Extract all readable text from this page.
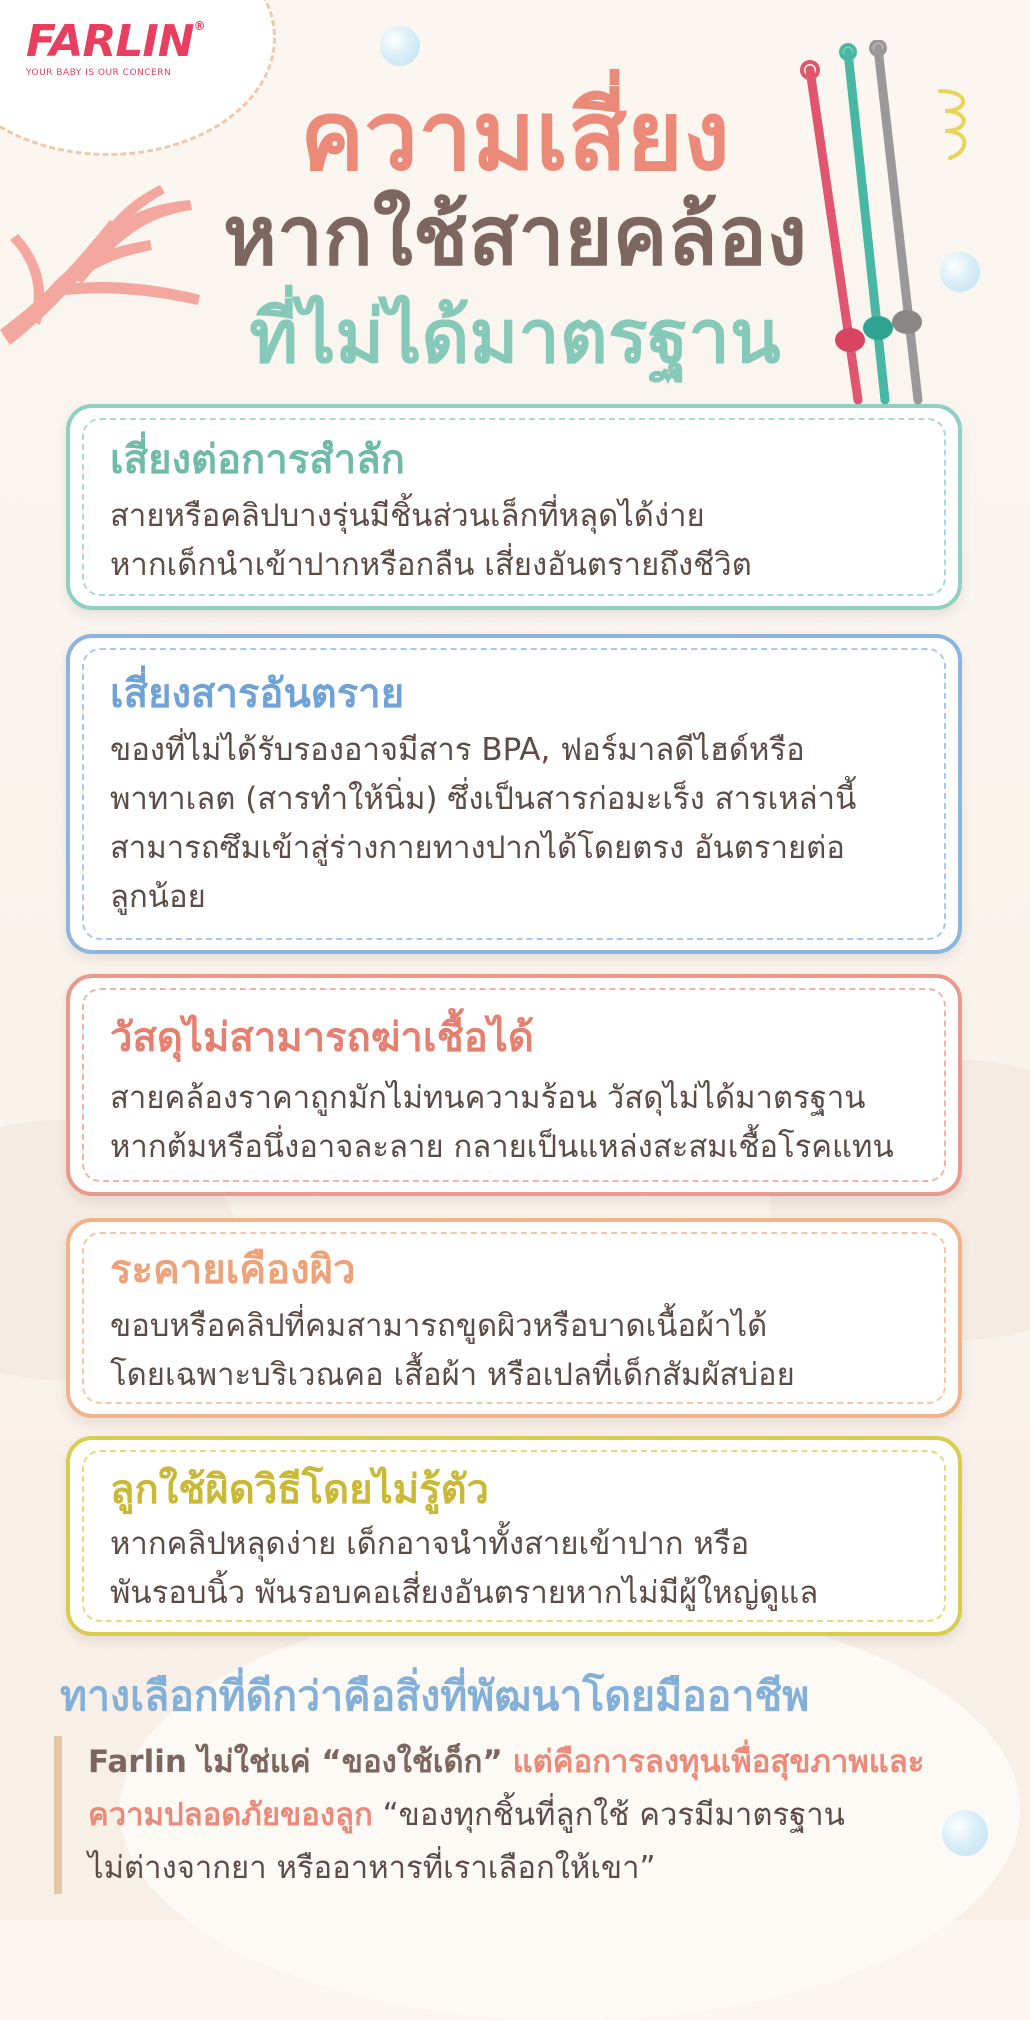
FARLIN®
YOUR BABY IS OUR CONCERN
ความเสี่ยง
หากใช้สายคล้อง
ที่ไม่ได้มาตรฐาน
เสี่ยงต่อการสำลัก
สายหรือคลิปบางรุ่นมีชิ้นส่วนเล็กที่หลุดได้ง่าย
หากเด็กนำเข้าปากหรือกลืน เสี่ยงอันตรายถึงชีวิต
เสี่ยงสารอันตราย
ของที่ไม่ได้รับรองอาจมีสาร BPA, ฟอร์มาลดีไฮด์หรือ
พาทาเลต (สารทำให้นิ่ม) ซึ่งเป็นสารก่อมะเร็ง สารเหล่านี้
สามารถซึมเข้าสู่ร่างกายทางปากได้โดยตรง อันตรายต่อ
ลูกน้อย
วัสดุไม่สามารถฆ่าเชื้อได้
สายคล้องราคาถูกมักไม่ทนความร้อน วัสดุไม่ได้มาตรฐาน
หากต้มหรือนึ่งอาจละลาย กลายเป็นแหล่งสะสมเชื้อโรคแทน
ระคายเคืองผิว
ขอบหรือคลิปที่คมสามารถขูดผิวหรือบาดเนื้อผ้าได้
โดยเฉพาะบริเวณคอ เสื้อผ้า หรือเปลที่เด็กสัมผัสบ่อย
ลูกใช้ผิดวิธีโดยไม่รู้ตัว
หากคลิปหลุดง่าย เด็กอาจนำทั้งสายเข้าปาก หรือ
พันรอบนิ้ว พันรอบคอเสี่ยงอันตรายหากไม่มีผู้ใหญ่ดูแล
ทางเลือกที่ดีกว่าคือสิ่งที่พัฒนาโดยมืออาชีพ
Farlin ไม่ใช่แค่ “ของใช้เด็ก” แต่คือการลงทุนเพื่อสุขภาพและ
ความปลอดภัยของลูก “ของทุกชิ้นที่ลูกใช้ ควรมีมาตรฐาน
ไม่ต่างจากยา หรืออาหารที่เราเลือกให้เขา”
